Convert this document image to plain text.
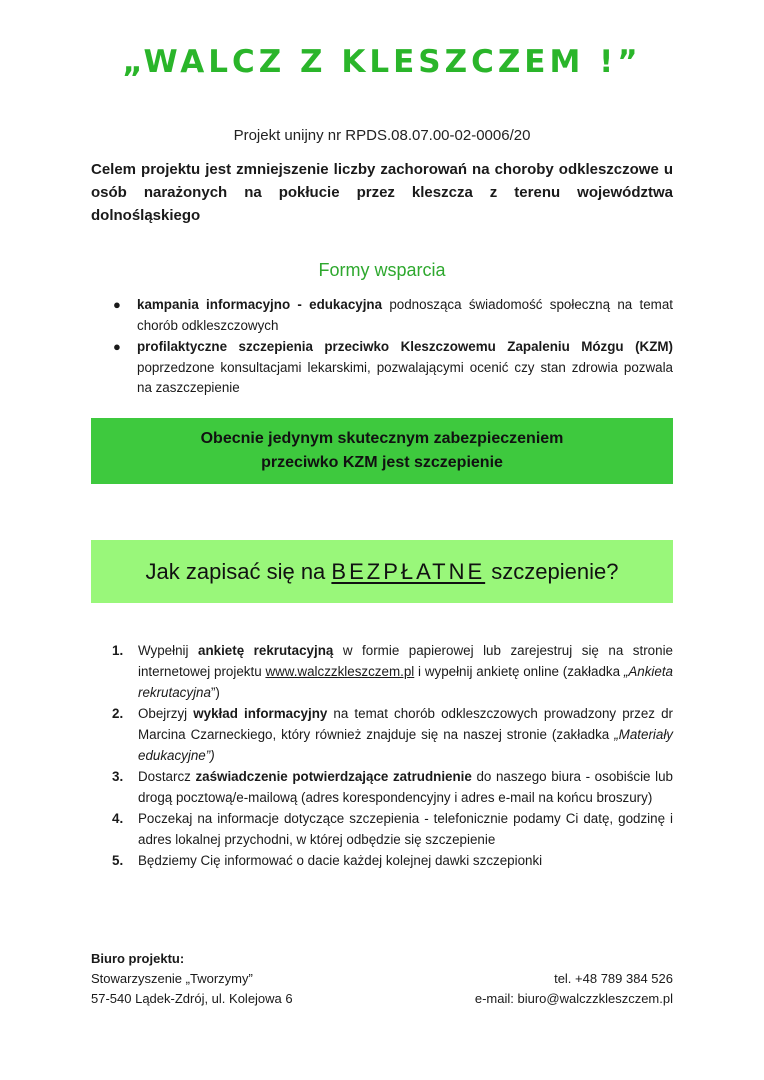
„WALCZ Z KLESZCZEM !”
Projekt unijny nr RPDS.08.07.00-02-0006/20
Celem projektu jest zmniejszenie liczby zachorowań na choroby odkleszczowe u osób narażonych na pokłucie przez kleszcza z terenu województwa dolnośląskiego
Formy wsparcia
● kampania informacyjno - edukacyjna podnosząca świadomość społeczną na temat chorób odkleszczowych
● profilaktyczne szczepienia przeciwko Kleszczowemu Zapaleniu Mózgu (KZM) poprzedzone konsultacjami lekarskimi, pozwalającymi ocenić czy stan zdrowia pozwala na zaszczepienie
Obecnie jedynym skutecznym zabezpieczeniem
przeciwko KZM jest szczepienie
Jak zapisać się na BEZPŁATNE szczepienie?
1. Wypełnij ankietę rekrutacyjną w formie papierowej lub zarejestruj się na stronie internetowej projektu www.walczzkleszczem.pl i wypełnij ankietę online (zakładka „Ankieta rekrutacyjna”)
2. Obejrzyj wykład informacyjny na temat chorób odkleszczowych prowadzony przez dr Marcina Czarneckiego, który również znajduje się na naszej stronie (zakładka „Materiały edukacyjne”)
3. Dostarcz zaświadczenie potwierdzające zatrudnienie do naszego biura - osobiście lub drogą pocztową/e-mailową (adres korespondencyjny i adres e-mail na końcu broszury)
4. Poczekaj na informacje dotyczące szczepienia - telefonicznie podamy Ci datę, godzinę i adres lokalnej przychodni, w której odbędzie się szczepienie
5. Będziemy Cię informować o dacie każdej kolejnej dawki szczepionki
Biuro projektu:
Stowarzyszenie „Tworzymy”
57-540 Lądek-Zdrój, ul. Kolejowa 6
tel. +48 789 384 526
e-mail: biuro@walczzkleszczem.pl
